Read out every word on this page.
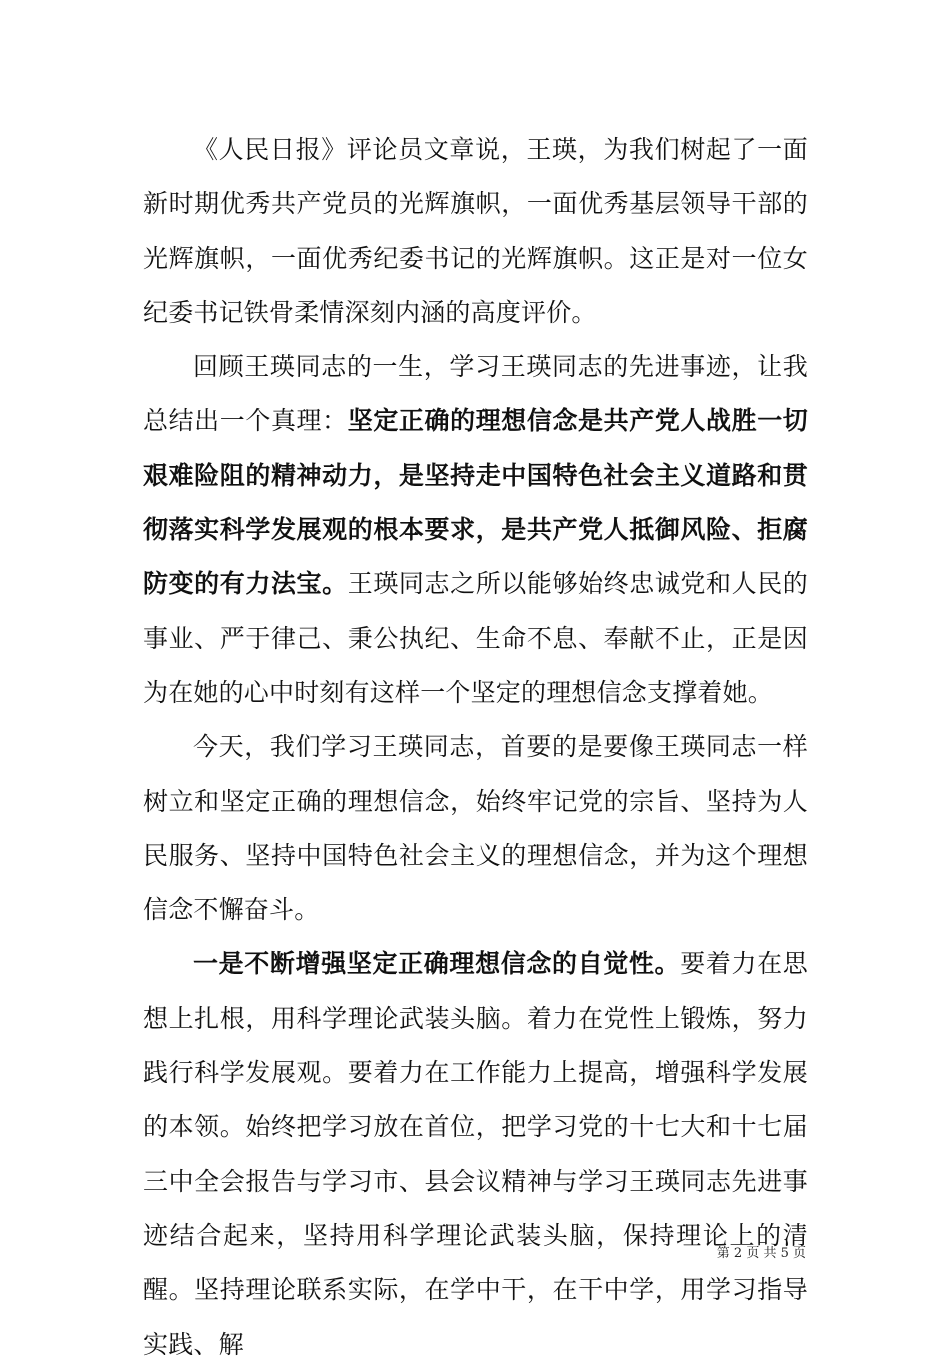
《人民日报》评论员文章说，王瑛，为我们树起了一面新时期优秀共产党员的光辉旗帜，一面优秀基层领导干部的光辉旗帜，一面优秀纪委书记的光辉旗帜。这正是对一位女纪委书记铁骨柔情深刻内涵的高度评价。

回顾王瑛同志的一生，学习王瑛同志的先进事迹，让我总结出一个真理：坚定正确的理想信念是共产党人战胜一切艰难险阻的精神动力，是坚持走中国特色社会主义道路和贯彻落实科学发展观的根本要求，是共产党人抵御风险、拒腐防变的有力法宝。王瑛同志之所以能够始终忠诚党和人民的事业、严于律己、秉公执纪、生命不息、奉献不止，正是因为在她的心中时刻有这样一个坚定的理想信念支撑着她。

今天，我们学习王瑛同志，首要的是要像王瑛同志一样树立和坚定正确的理想信念，始终牢记党的宗旨、坚持为人民服务、坚持中国特色社会主义的理想信念，并为这个理想信念不懈奋斗。

一是不断增强坚定正确理想信念的自觉性。要着力在思想上扎根，用科学理论武装头脑。着力在党性上锻炼，努力践行科学发展观。要着力在工作能力上提高，增强科学发展的本领。始终把学习放在首位，把学习党的十七大和十七届三中全会报告与学习市、县会议精神与学习王瑛同志先进事迹结合起来，坚持用科学理论武装头脑，保持理论上的清醒。坚持理论联系实际，在学中干，在干中学，用学习指导实践、解

第 2 页 共 5 页
